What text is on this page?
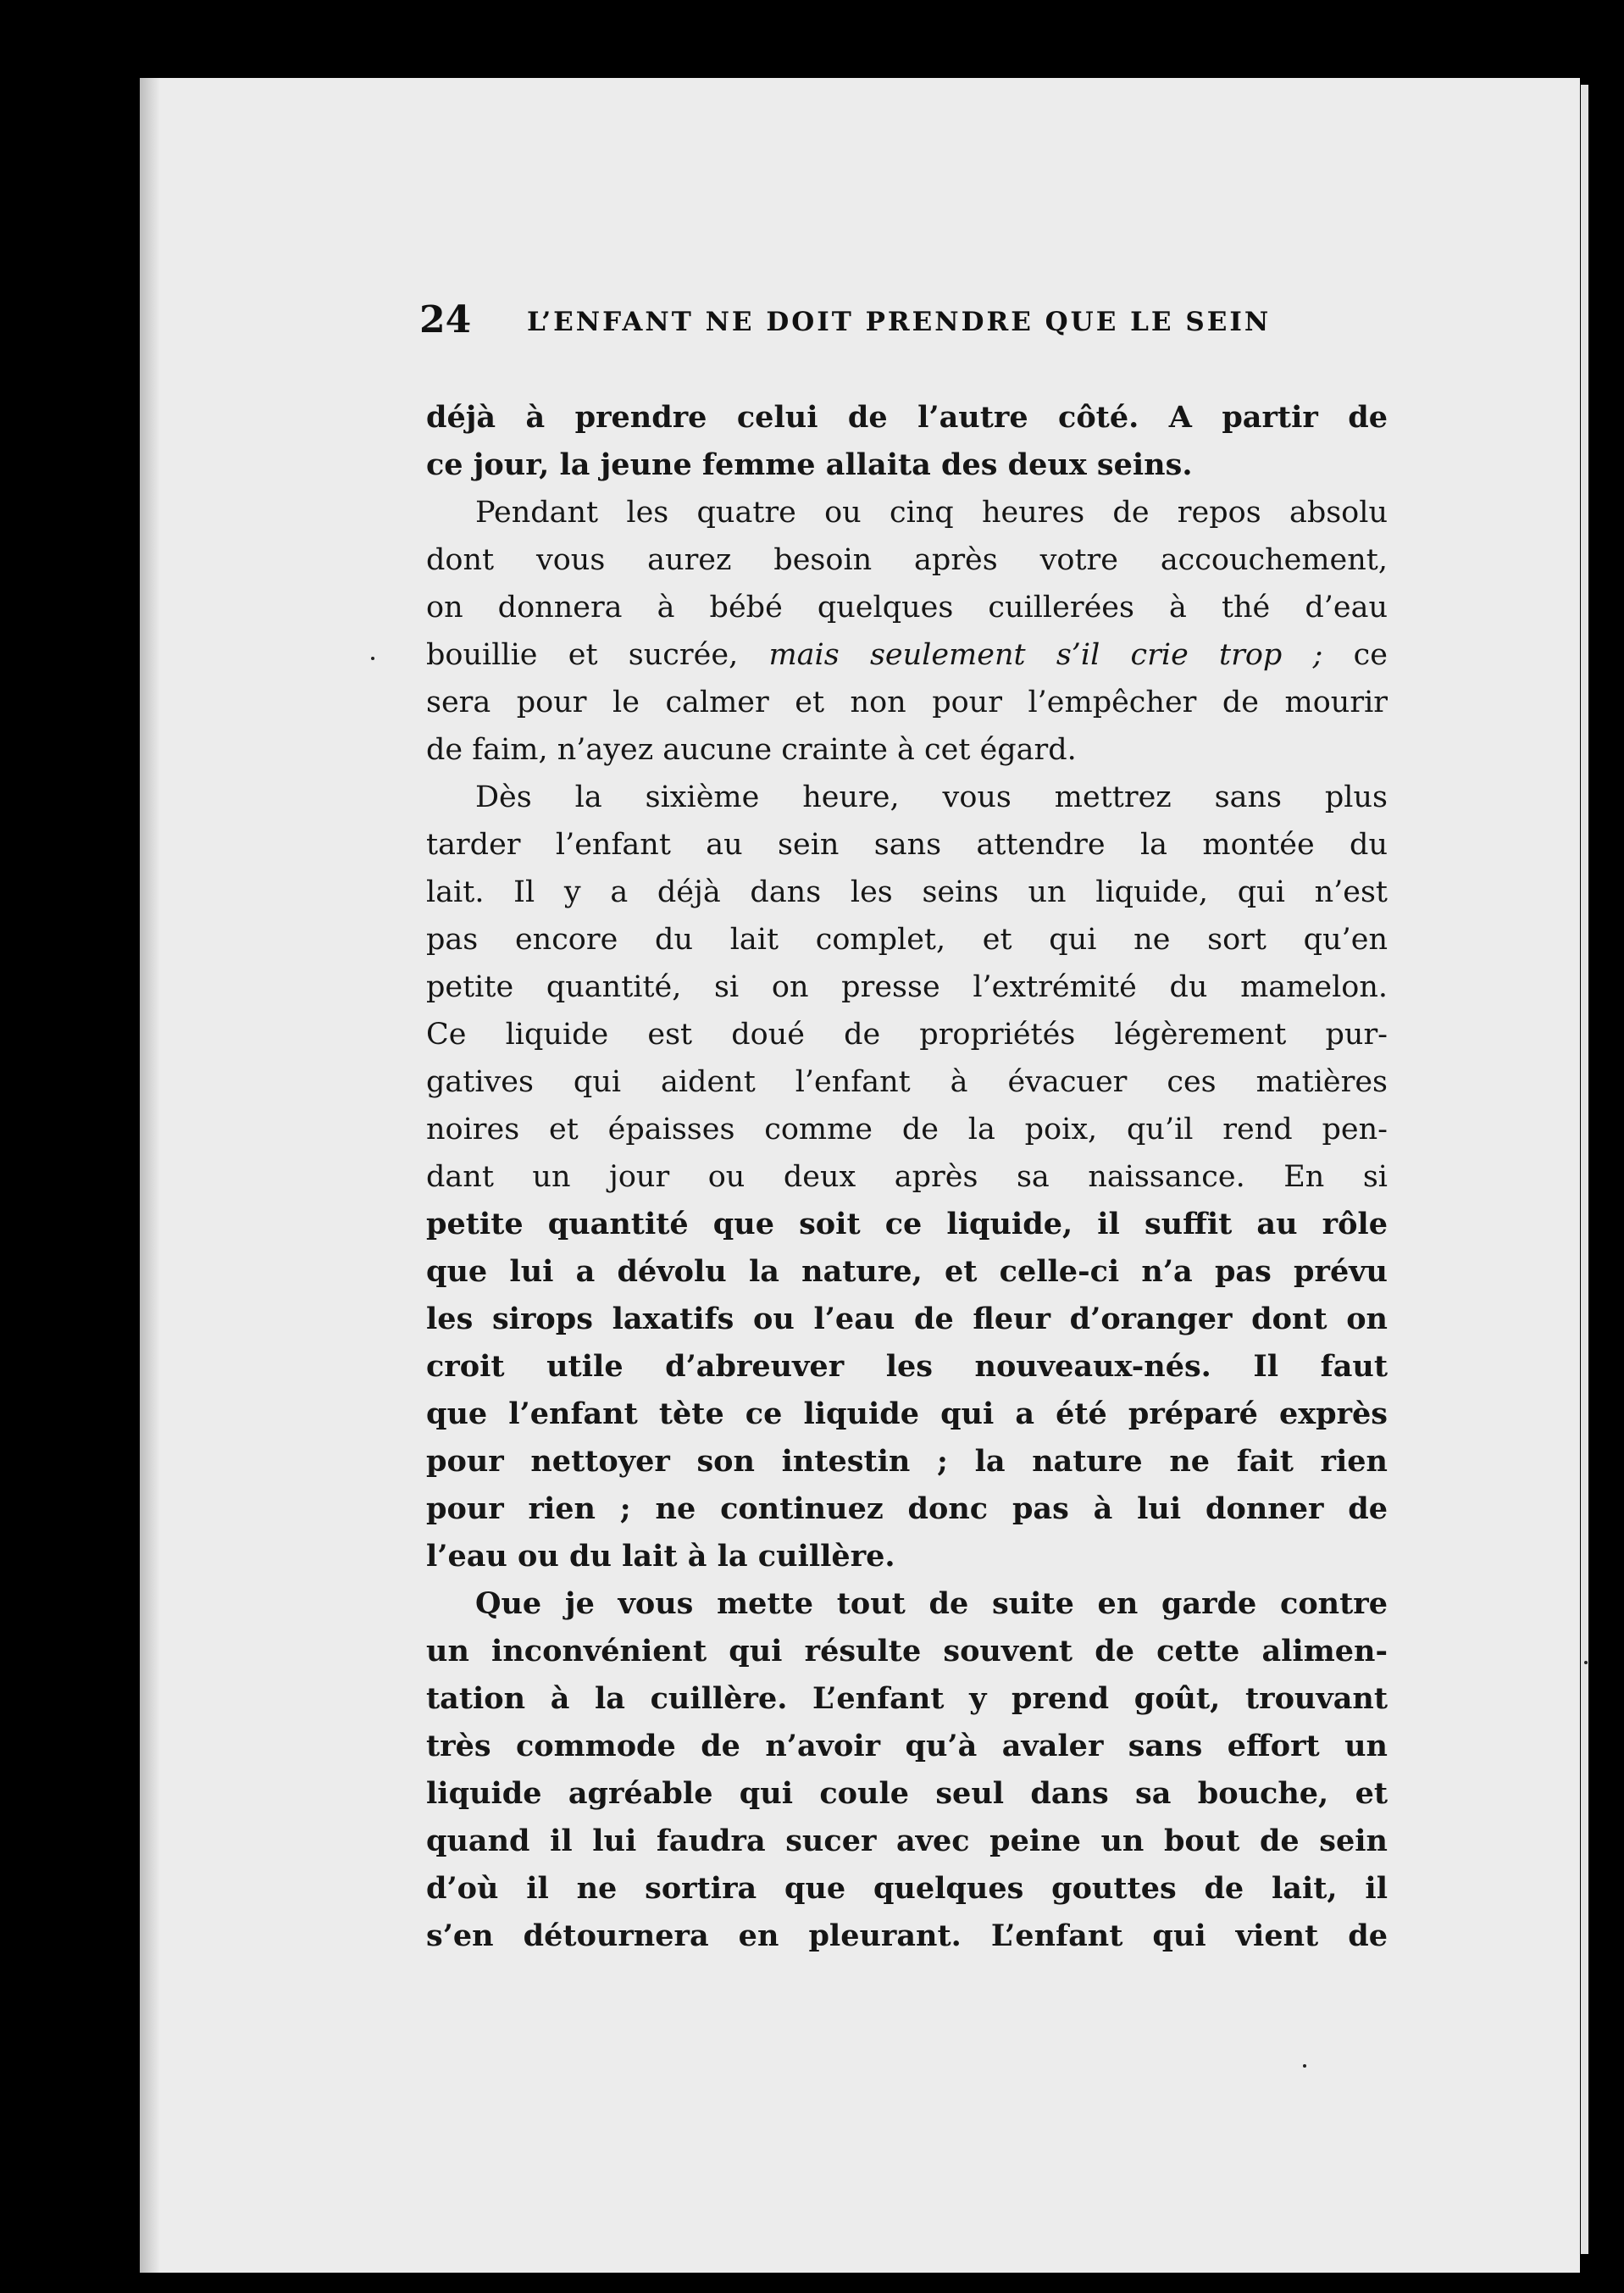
24 L’ENFANT NE DOIT PRENDRE QUE LE SEIN
déjà à prendre celui de l’autre côté. A partir de
ce jour, la jeune femme allaita des deux seins.
Pendant les quatre ou cinq heures de repos absolu
dont vous aurez besoin après votre accouchement,
on donnera à bébé quelques cuillerées à thé d’eau
bouillie et sucrée, mais seulement s’il crie trop ; ce
sera pour le calmer et non pour l’empêcher de mourir
de faim, n’ayez aucune crainte à cet égard.
Dès la sixième heure, vous mettrez sans plus
tarder l’enfant au sein sans attendre la montée du
lait. Il y a déjà dans les seins un liquide, qui n’est
pas encore du lait complet, et qui ne sort qu’en
petite quantité, si on presse l’extrémité du mamelon.
Ce liquide est doué de propriétés légèrement pur-
gatives qui aident l’enfant à évacuer ces matières
noires et épaisses comme de la poix, qu’il rend pen-
dant un jour ou deux après sa naissance. En si
petite quantité que soit ce liquide, il suffit au rôle
que lui a dévolu la nature, et celle-ci n’a pas prévu
les sirops laxatifs ou l’eau de fleur d’oranger dont on
croit utile d’abreuver les nouveaux-nés. Il faut
que l’enfant tète ce liquide qui a été préparé exprès
pour nettoyer son intestin ; la nature ne fait rien
pour rien ; ne continuez donc pas à lui donner de
l’eau ou du lait à la cuillère.
Que je vous mette tout de suite en garde contre
un inconvénient qui résulte souvent de cette alimen-
tation à la cuillère. L’enfant y prend goût, trouvant
très commode de n’avoir qu’à avaler sans effort un
liquide agréable qui coule seul dans sa bouche, et
quand il lui faudra sucer avec peine un bout de sein
d’où il ne sortira que quelques gouttes de lait, il
s’en détournera en pleurant. L’enfant qui vient de
